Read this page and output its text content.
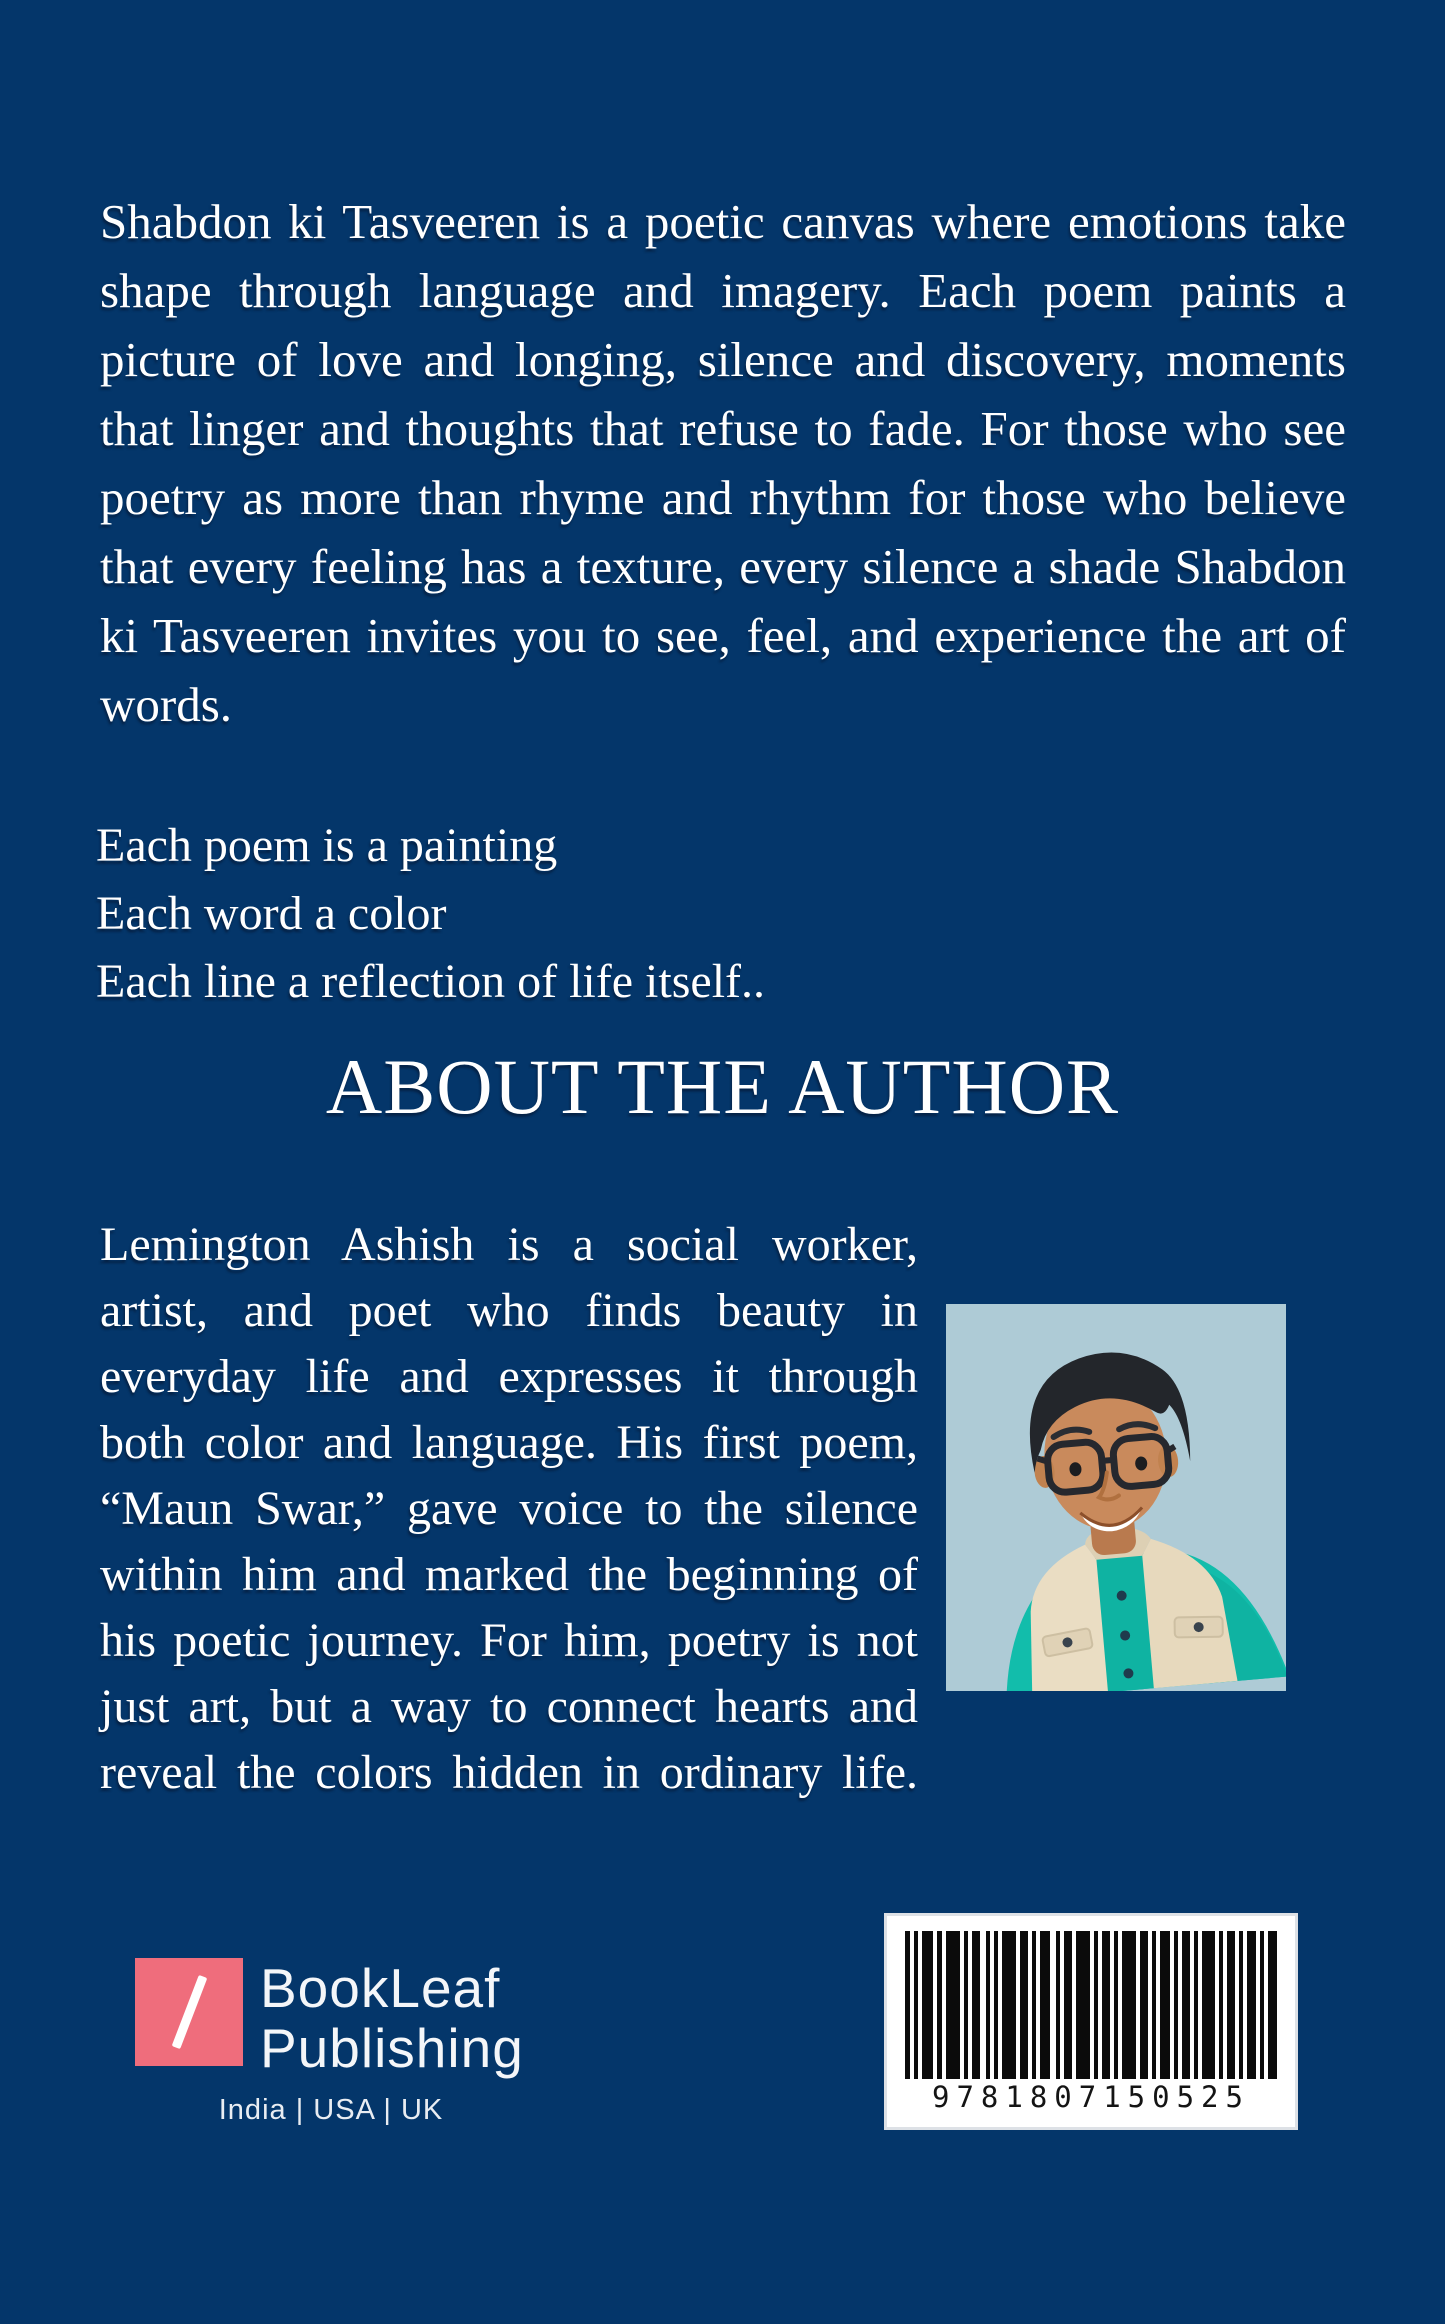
Shabdon ki Tasveeren is a poetic canvas where emotions take shape through language and imagery. Each poem paints a picture of love and longing, silence and discovery, moments that linger and thoughts that refuse to fade. For those who see poetry as more than rhyme and rhythm for those who believe that every feeling has a texture, every silence a shade Shabdon ki Tasveeren invites you to see, feel, and experience the art of words.

Each poem is a painting
Each word a color
Each line a reflection of life itself..
ABOUT THE AUTHOR

Lemington Ashish is a social worker, artist, and poet who finds beauty in everyday life and expresses it through both color and language. His first poem, “Maun Swar,” gave voice to the silence within him and marked the beginning of his poetic journey. For him, poetry is not just art, but a way to connect hearts and reveal the colors hidden in ordinary life.

BookLeaf
Publishing
India | USA | UK	9781807150525
